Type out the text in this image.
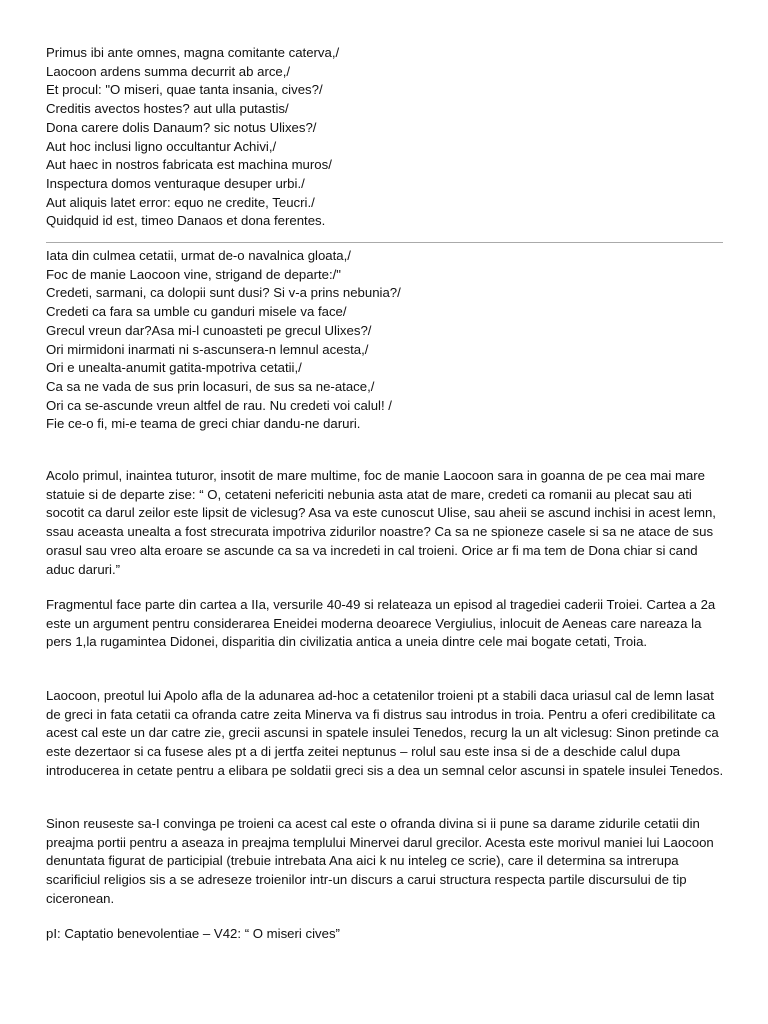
Primus ibi ante omnes, magna comitante caterva,/
Laocoon ardens summa decurrit ab arce,/
Et procul: "O miseri, quae tanta insania, cives?/
Creditis avectos hostes? aut ulla putastis/
Dona carere dolis Danaum? sic notus Ulixes?/
Aut hoc inclusi ligno occultantur Achivi,/
Aut haec in nostros fabricata est machina muros/
Inspectura domos venturaque desuper urbi./
Aut aliquis latet error: equo ne credite, Teucri./
Quidquid id est, timeo Danaos et dona ferentes.
Iata din culmea cetatii, urmat de-o navalnica gloata,/
Foc de manie Laocoon vine, strigand de departe:/"
Credeti, sarmani, ca dolopii sunt dusi? Si v-a prins nebunia?/
Credeti ca fara sa umble cu ganduri misele va face/
Grecul vreun dar?Asa mi-l cunoasteti pe grecul Ulixes?/
Ori mirmidoni inarmati ni s-ascunsera-n lemnul acesta,/
Ori e unealta-anumit gatita-mpotriva cetatii,/
Ca sa ne vada de sus prin locasuri, de sus sa ne-atace,/
Ori ca se-ascunde vreun altfel de rau. Nu credeti voi calul! /
Fie ce-o fi, mi-e teama de greci chiar dandu-ne daruri.
Acolo primul, inaintea tuturor, insotit de mare multime, foc de manie Laocoon sara in goanna de pe cea mai mare statuie si de departe zise: “ O, cetateni nefericiti nebunia asta atat de mare, credeti ca romanii au plecat sau ati socotit ca darul zeilor este lipsit de viclesug? Asa va este cunoscut Ulise, sau aheii se ascund inchisi in acest lemn, ssau aceasta unealta a fost strecurata impotriva zidurilor noastre? Ca sa ne spioneze casele si sa ne atace de sus orasul sau vreo alta eroare se ascunde ca sa va incredeti in cal troieni. Orice ar fi ma tem de Dona chiar si cand aduc daruri.”
Fragmentul face parte din cartea a IIa, versurile 40-49 si relateaza un episod al tragediei caderii Troiei. Cartea a 2a este un argument pentru considerarea Eneidei moderna deoarece Vergiulius, inlocuit de Aeneas care nareaza la pers 1,la rugamintea Didonei, disparitia din civilizatia antica a uneia dintre cele mai bogate cetati, Troia.
Laocoon, preotul lui Apolo afla de la adunarea ad-hoc a cetatenilor troieni pt a stabili daca uriasul cal de lemn lasat de greci in fata cetatii ca ofranda catre zeita Minerva va fi distrus sau introdus in troia. Pentru a oferi credibilitate ca acest cal este un dar catre zie, grecii ascunsi in spatele insulei Tenedos, recurg la un alt viclesug: Sinon pretinde ca este dezertaor si ca fusese ales pt a di jertfa zeitei neptunus – rolul sau este insa si de a deschide calul dupa introducerea in cetate pentru a elibara pe soldatii greci sis a dea un semnal celor ascunsi in spatele insulei Tenedos.
Sinon reuseste sa-I convinga pe troieni ca acest cal este o ofranda divina si ii pune sa darame zidurile cetatii din preajma portii pentru a aseaza in preajma templului Minervei darul grecilor. Acesta este morivul maniei lui Laocoon denuntata figurat de participial (trebuie intrebata Ana aici k nu inteleg ce scrie), care il determina sa intrerupa scarificiul religios sis a se adreseze troienilor intr-un discurs a carui structura respecta partile discursului de tip ciceronean.
pI: Captatio benevolentiae – V42: “ O miseri cives”
